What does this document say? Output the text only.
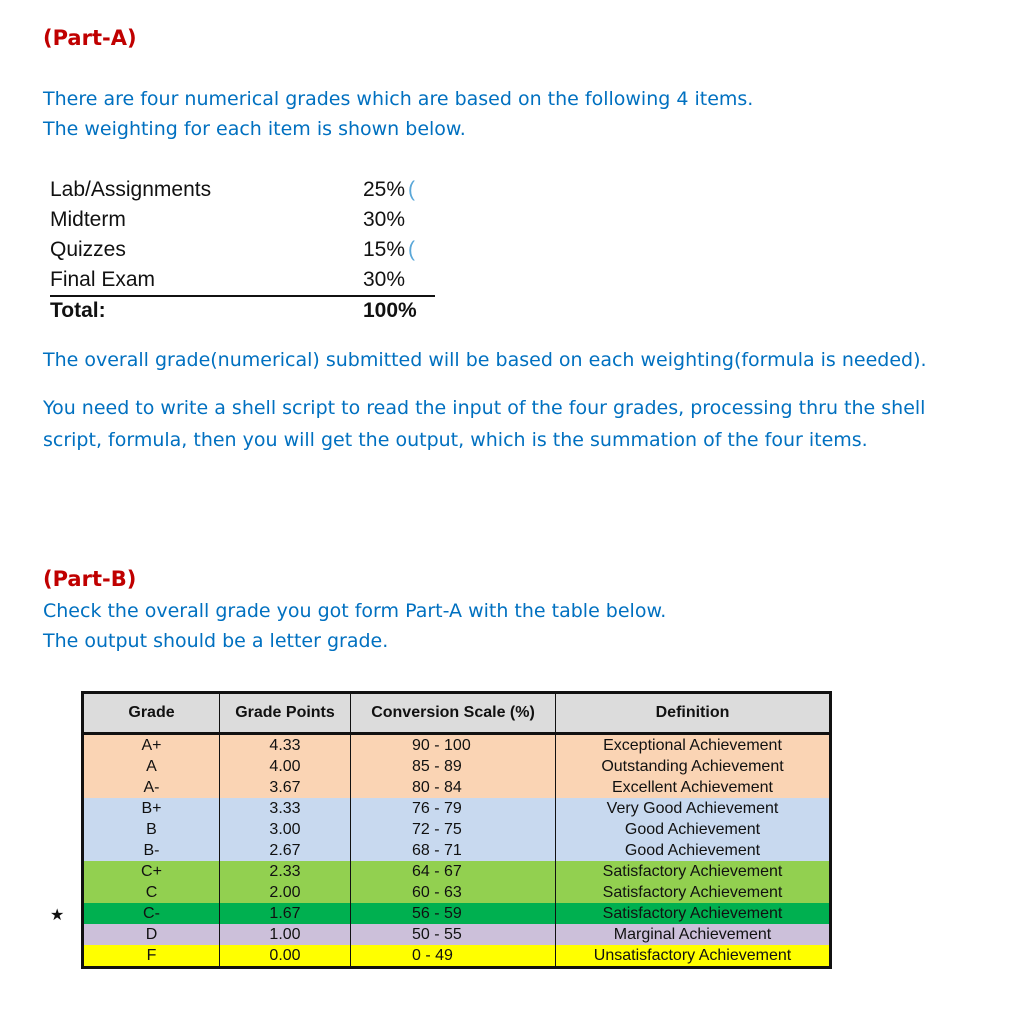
(Part-A)
There are four numerical grades which are based on the following 4 items.
The weighting for each item is shown below.
Lab/Assignments	25% (
Midterm	30%
Quizzes	15% (
Final Exam	30%
Total:	100%
The overall grade(numerical) submitted will be based on each weighting(formula is needed).
You need to write a shell script to read the input of the four grades, processing thru the shell script, formula, then you will get the output, which is the summation of the four items.
(Part-B)
Check the overall grade you got form Part-A with the table below.
The output should be a letter grade.
★
Grade	Grade Points	Conversion Scale (%)	Definition
A+	4.33	90 - 100	Exceptional Achievement
A	4.00	85 - 89	Outstanding Achievement
A-	3.67	80 - 84	Excellent Achievement
B+	3.33	76 - 79	Very Good Achievement
B	3.00	72 - 75	Good Achievement
B-	2.67	68 - 71	Good Achievement
C+	2.33	64 - 67	Satisfactory Achievement
C	2.00	60 - 63	Satisfactory Achievement
C-	1.67	56 - 59	Satisfactory Achievement
D	1.00	50 - 55	Marginal Achievement
F	0.00	0 - 49	Unsatisfactory Achievement
